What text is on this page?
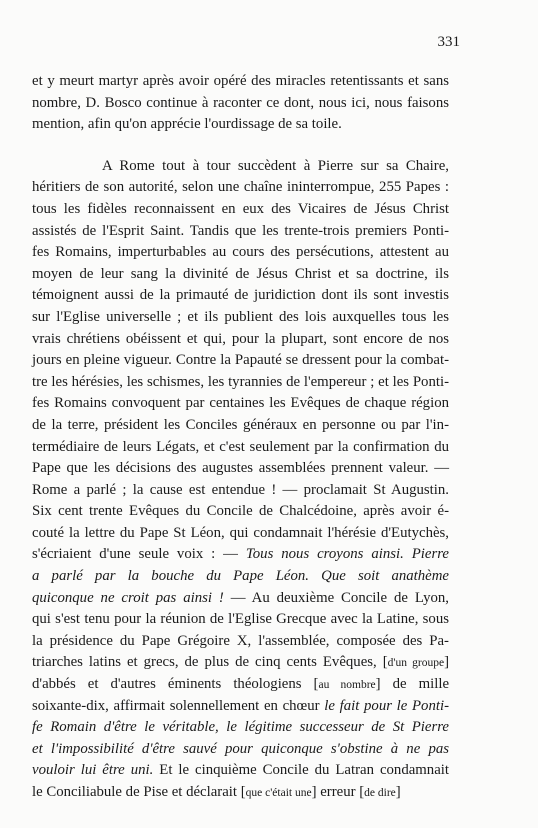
331
et y meurt martyr après avoir opéré des miracles retentissants et sans
nombre, D. Bosco continue à raconter ce dont, nous ici, nous faisons
mention, afin qu'on apprécie l'ourdissage de sa toile.
A Rome tout à tour succèdent à Pierre sur sa Chaire,
héritiers de son autorité, selon une chaîne ininterrompue, 255 Papes :
tous les fidèles reconnaissent en eux des Vicaires de Jésus Christ
assistés de l'Esprit Saint. Tandis que les trente-trois premiers Ponti-
fes Romains, imperturbables au cours des persécutions, attestent au
moyen de leur sang la divinité de Jésus Christ et sa doctrine, ils
témoignent aussi de la primauté de juridiction dont ils sont investis
sur l'Eglise universelle ; et ils publient des lois auxquelles tous les
vrais chrétiens obéissent et qui, pour la plupart, sont encore de nos
jours en pleine vigueur. Contre la Papauté se dressent pour la combat-
tre les hérésies, les schismes, les tyrannies de l'empereur ; et les Ponti-
fes Romains convoquent par centaines les Evêques de chaque région
de la terre, président les Conciles généraux en personne ou par l'in-
termédiaire de leurs Légats, et c'est seulement par la confirmation du
Pape que les décisions des augustes assemblées prennent valeur. —
Rome a parlé ; la cause est entendue ! — proclamait St Augustin.
Six cent trente Evêques du Concile de Chalcédoine, après avoir é-
couté la lettre du Pape St Léon, qui condamnait l'hérésie d'Eutychès,
s'écriaient d'une seule voix : — Tous nous croyons ainsi. Pierre
a parlé par la bouche du Pape Léon. Que soit anathème
quiconque ne croit pas ainsi ! — Au deuxième Concile de Lyon,
qui s'est tenu pour la réunion de l'Eglise Grecque avec la Latine, sous
la présidence du Pape Grégoire X, l'assemblée, composée des Pa-
triarches latins et grecs, de plus de cinq cents Evêques, [d'un groupe]
d'abbés et d'autres éminents théologiens [au nombre] de mille
soixante-dix, affirmait solennellement en chœur le fait pour le Ponti-
fe Romain d'être le véritable, le légitime successeur de St Pierre
et l'impossibilité d'être sauvé pour quiconque s'obstine à ne pas
vouloir lui être uni. Et le cinquième Concile du Latran condamnait
le Conciliabule de Pise et déclarait [que c'était une] erreur [de dire]
